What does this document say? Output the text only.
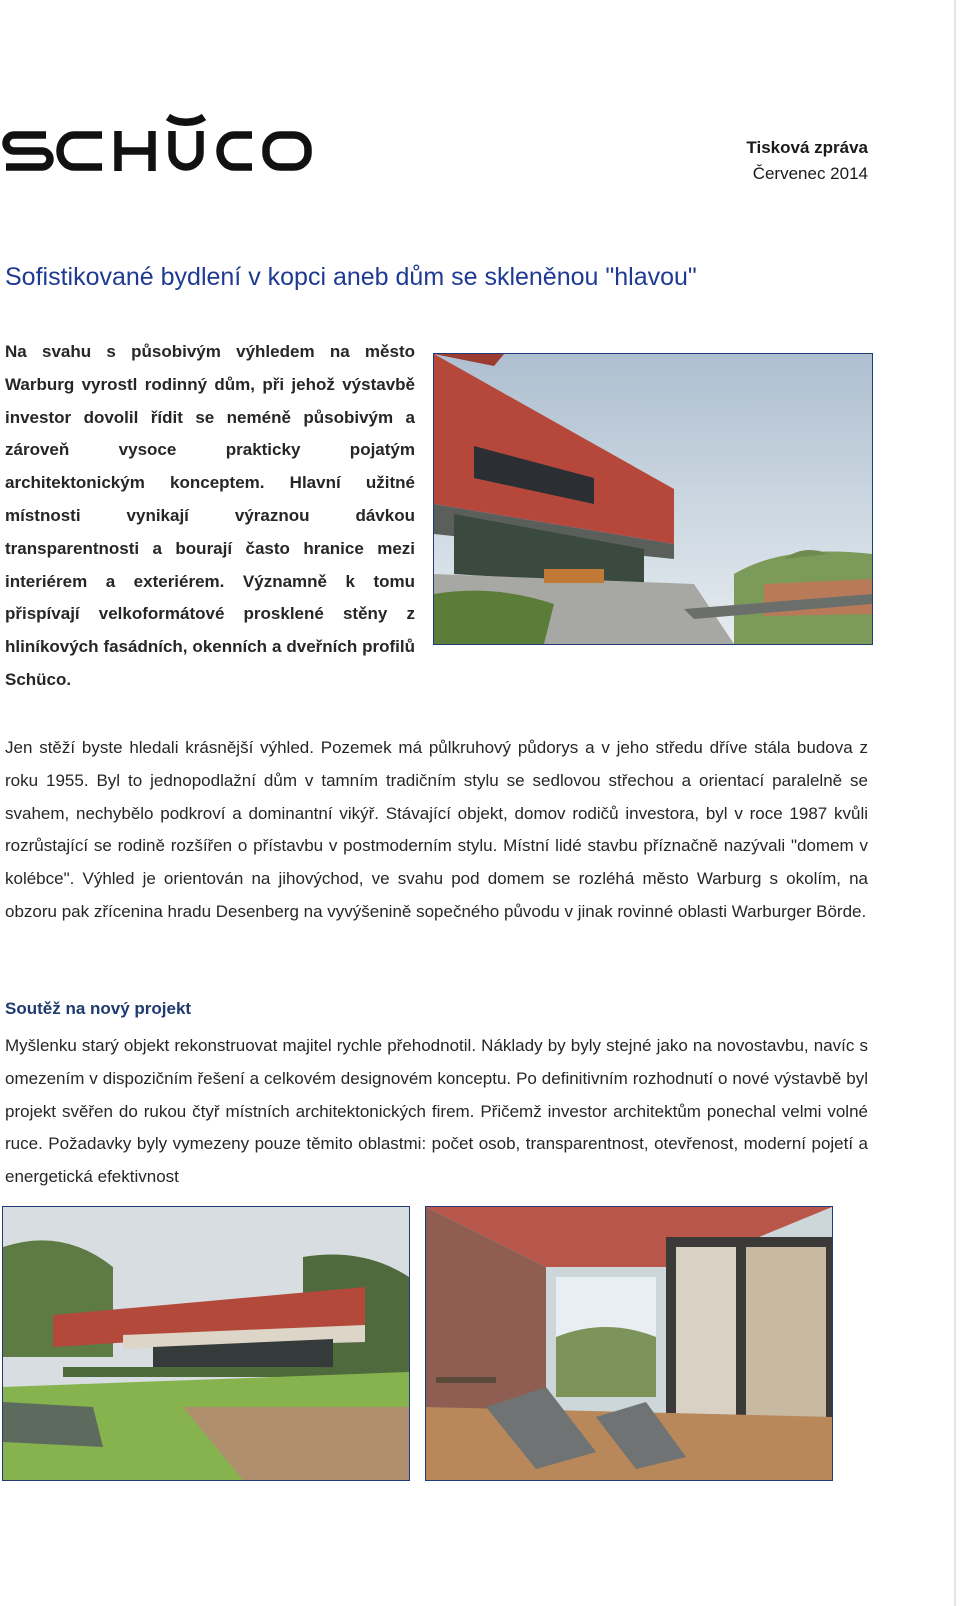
Tisková zpráva
Červenec 2014
Sofistikované bydlení v kopci aneb dům se skleněnou "hlavou"
Na svahu s působivým výhledem na město Warburg vyrostl rodinný dům, při jehož výstavbě investor dovolil řídit se neméně působivým a zároveň vysoce prakticky pojatým architektonickým konceptem. Hlavní užitné místnosti vynikají výraznou dávkou transparentnosti a bourají často hranice mezi interiérem a exteriérem. Významně k tomu přispívají velkoformátové prosklené stěny z hliníkových fasádních, okenních a dveřních profilů Schüco.

Jen stěží byste hledali krásnější výhled. Pozemek má půlkruhový půdorys a v jeho středu dříve stála budova z roku 1955. Byl to jednopodlažní dům v tamním tradičním stylu se sedlovou střechou a orientací paralelně se svahem, nechybělo podkroví a dominantní vikýř. Stávající objekt, domov rodičů investora, byl v roce 1987 kvůli rozrůstající se rodině rozšířen o přístavbu v postmoderním stylu. Místní lidé stavbu příznačně nazývali "domem v kolébce". Výhled je orientován na jihovýchod, ve svahu pod domem se rozléhá město Warburg s okolím, na obzoru pak zřícenina hradu Desenberg na vyvýšenině sopečného původu v jinak rovinné oblasti Warburger Börde.

Soutěž na nový projekt

Myšlenku starý objekt rekonstruovat majitel rychle přehodnotil. Náklady by byly stejné jako na novostavbu, navíc s omezením v dispozičním řešení a celkovém designovém konceptu. Po definitivním rozhodnutí o nové výstavbě byl projekt svěřen do rukou čtyř místních architektonických firem. Přičemž investor architektům ponechal velmi volné ruce. Požadavky byly vymezeny pouze těmito oblastmi: počet osob, transparentnost, otevřenost, moderní pojetí a energetická efektivnost
